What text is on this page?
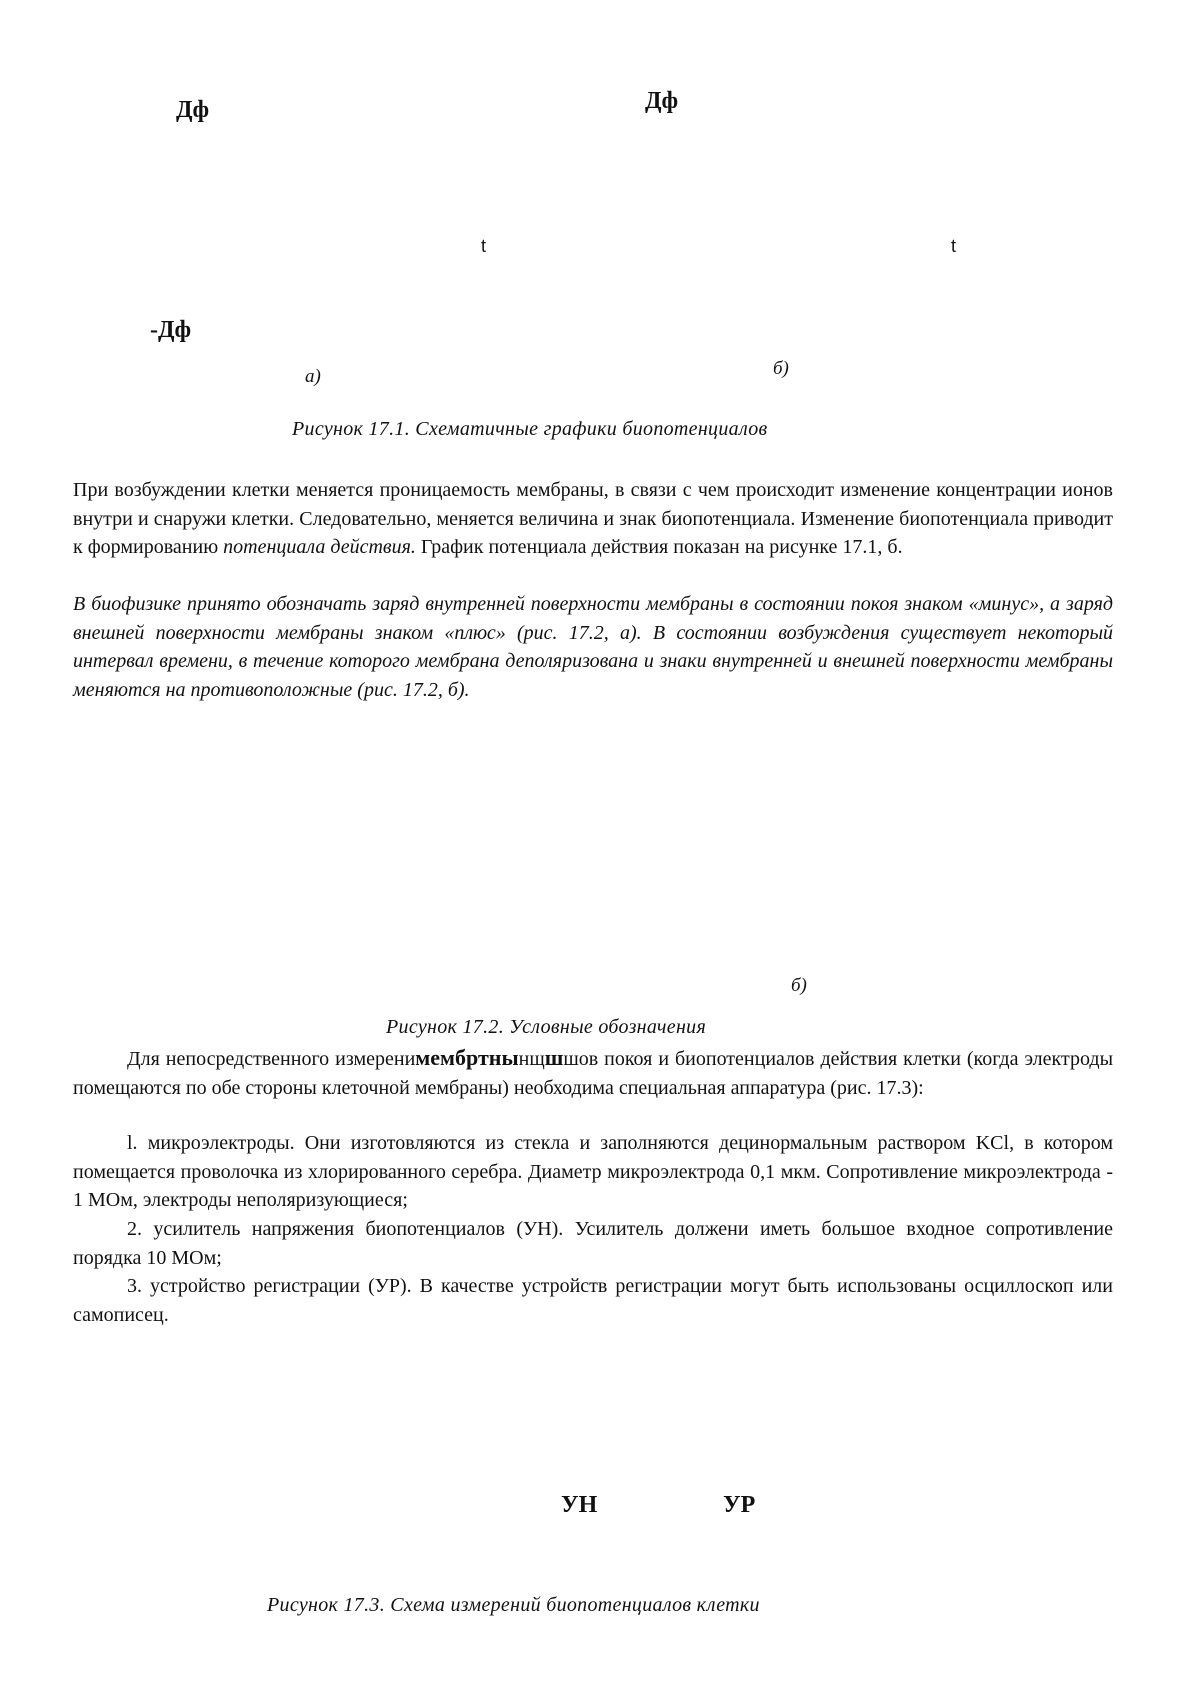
Дф	Дф
t	t
-Дф
а)	б)
Рисунок 17.1. Схематичные графики биопотенциалов
При возбуждении клетки меняется проницаемость мембраны, в связи с чем происходит изменение концентрации ионов внутри и снаружи клетки. Следовательно, меняется величина и знак биопотенциала. Изменение биопотенциала приводит к формированию потенциала действия. График потенциала действия показан на рисунке 17.1, б.
В биофизике принято обозначать заряд внутренней поверхности мембраны в состоянии покоя знаком «минус», а заряд внешней поверхности мембраны знаком «плюс» (рис. 17.2, а). В состоянии возбуждения существует некоторый интервал времени, в течение которого мембрана деполяризована и знаки внутренней и внешней поверхности мембраны меняются на противоположные (рис. 17.2, б).
б)
Рисунок 17.2. Условные обозначения
Для непосредственного измеренимембртнынщшшов покоя и биопотенциалов действия клетки (когда электроды помещаются по обе стороны клеточной мембраны) необходима специальная аппаратура (рис. 17.3):
l. микроэлектроды. Они изготовляются из стекла и заполняются децинормальным раствором KCl, в котором помещается проволочка из хлорированного серебра. Диаметр микроэлектрода 0,1 мкм. Сопротивление микроэлектрода - 1 МОм, электроды неполяризующиеся;
2. усилитель напряжения биопотенциалов (УН). Усилитель должени иметь большое входное сопротивление порядка 10 МОм;
3. устройство регистрации (УР). В качестве устройств регистрации могут быть использованы осциллоскоп или самописец.
УН	УР
Рисунок 17.3. Схема измерений биопотенциалов клетки
